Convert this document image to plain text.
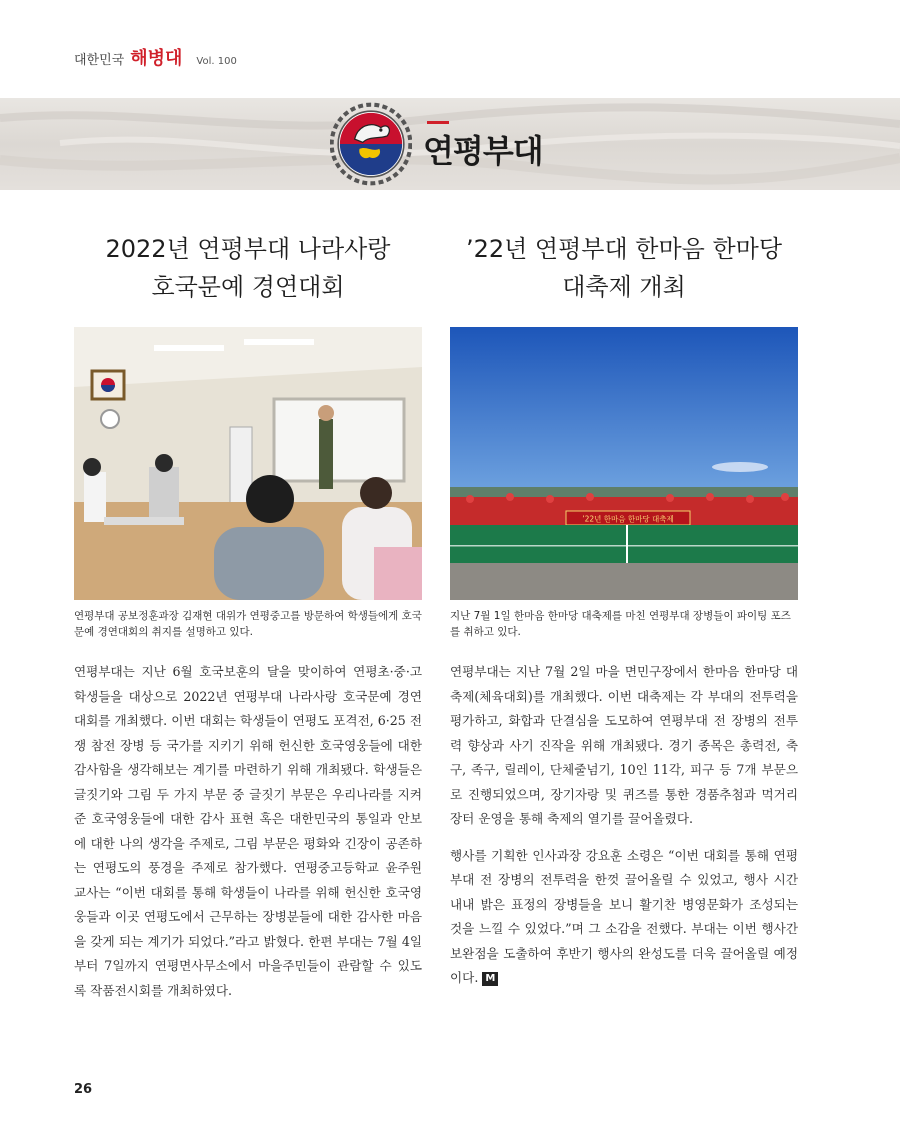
대한민국 해병대 Vol. 100
연평부대
2022년 연평부대 나라사랑
호국문예 경연대회
’22년 연평부대 한마음 한마당
대축제 개최
’22년 한마음 한마당 대축제

연평부대 공보정훈과장 김재현 대위가 연평중고를 방문하여 학생들에게 호국문예 경연대회의 취지를 설명하고 있다.

지난 7월 1일 한마음 한마당 대축제를 마친 연평부대 장병들이 파이팅 포즈를 취하고 있다.

연평부대는 지난 6월 호국보훈의 달을 맞이하여 연평초·중·고 학생들을 대상으로 2022년 연평부대 나라사랑 호국문예 경연대회를 개최했다. 이번 대회는 학생들이 연평도 포격전, 6·25 전쟁 참전 장병 등 국가를 지키기 위해 헌신한 호국영웅들에 대한 감사함을 생각해보는 계기를 마련하기 위해 개최됐다. 학생들은 글짓기와 그림 두 가지 부문 중 글짓기 부문은 우리나라를 지켜준 호국영웅들에 대한 감사 표현 혹은 대한민국의 통일과 안보에 대한 나의 생각을 주제로, 그림 부문은 평화와 긴장이 공존하는 연평도의 풍경을 주제로 참가했다. 연평중고등학교 윤주원 교사는 “이번 대회를 통해 학생들이 나라를 위해 헌신한 호국영웅들과 이곳 연평도에서 근무하는 장병분들에 대한 감사한 마음을 갖게 되는 계기가 되었다.”라고 밝혔다. 한편 부대는 7월 4일부터 7일까지 연평면사무소에서 마을주민들이 관람할 수 있도록 작품전시회를 개최하였다.

연평부대는 지난 7월 2일 마을 면민구장에서 한마음 한마당 대축제(체육대회)를 개최했다. 이번 대축제는 각 부대의 전투력을 평가하고, 화합과 단결심을 도모하여 연평부대 전 장병의 전투력 향상과 사기 진작을 위해 개최됐다. 경기 종목은 총력전, 축구, 족구, 릴레이, 단체줄넘기, 10인 11각, 피구 등 7개 부문으로 진행되었으며, 장기자랑 및 퀴즈를 통한 경품추첨과 먹거리 장터 운영을 통해 축제의 열기를 끌어올렸다.

행사를 기획한 인사과장 강요훈 소령은 “이번 대회를 통해 연평부대 전 장병의 전투력을 한껏 끌어올릴 수 있었고, 행사 시간 내내 밝은 표정의 장병들을 보니 활기찬 병영문화가 조성되는 것을 느낄 수 있었다.”며 그 소감을 전했다. 부대는 이번 행사간 보완점을 도출하여 후반기 행사의 완성도를 더욱 끌어올릴 예정이다. M

26
